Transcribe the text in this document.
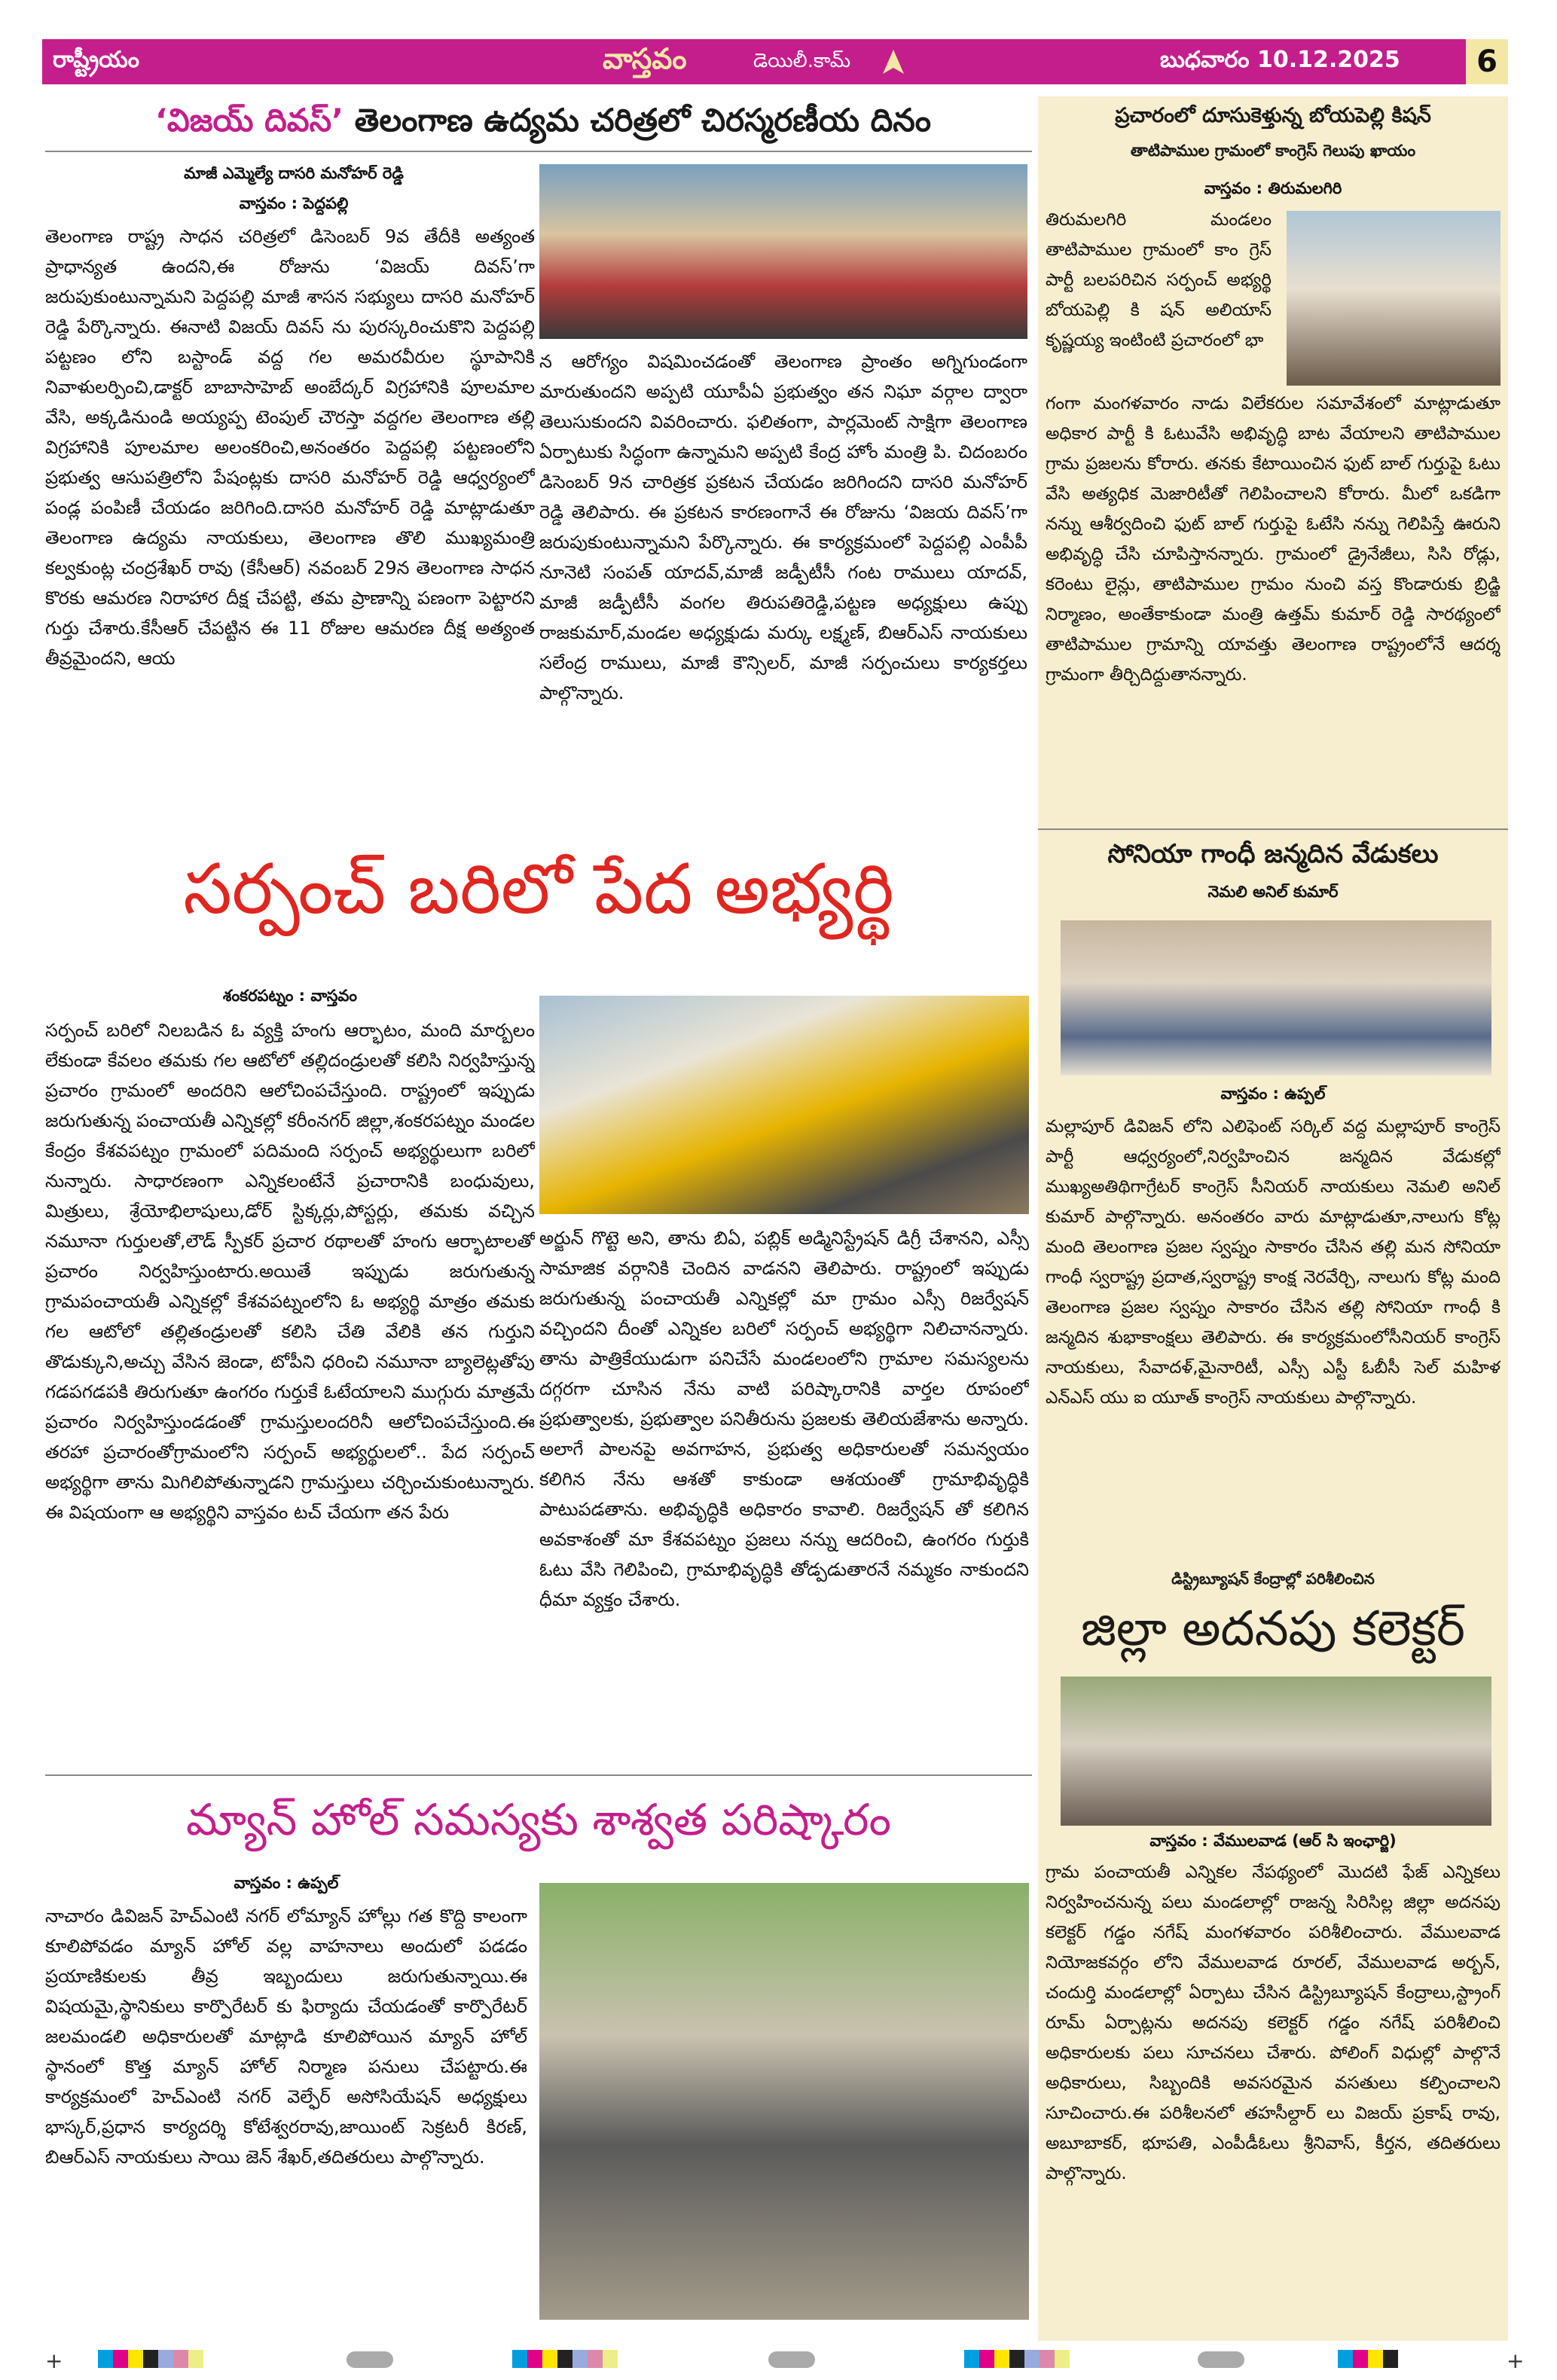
రాష్ట్రీయం	వాస్తవం	డెయిలీ.కామ్	బుధవారం 10.12.2025	6
‘విజయ్ దివస్’ తెలంగాణ ఉద్యమ చరిత్రలో చిరస్మరణీయ దినం
మాజీ ఎమ్మెల్యే దాసరి మనోహర్ రెడ్డి
వాస్తవం : పెద్దపల్లి
తెలంగాణ రాష్ట్ర సాధన చరిత్రలో డిసెంబర్ 9వ తేదీకి అత్యంత ప్రాధాన్యత ఉందని,ఈ రోజును ‘విజయ్ దివస్’గా జరుపుకుంటున్నామని పెద్దపల్లి మాజీ శాసన సభ్యులు దాసరి మనోహర్ రెడ్డి పేర్కొన్నారు. ఈనాటి విజయ్ దివస్ ను పురస్కరించుకొని పెద్దపల్లి పట్టణం లోని బస్టాండ్ వద్ద గల అమరవీరుల స్థూపానికి నివాళులర్పించి,డాక్టర్ బాబాసాహెబ్ అంబేద్కర్ విగ్రహానికి పూలమాల వేసి, అక్కడినుండి అయ్యప్ప టెంపుల్ చౌరస్తా వద్దగల తెలంగాణ తల్లి విగ్రహానికి పూలమాల అలంకరించి,అనంతరం పెద్దపల్లి పట్టణంలోని ప్రభుత్వ ఆసుపత్రిలోని పేషంట్లకు దాసరి మనోహర్ రెడ్డి ఆధ్వర్యంలో పండ్ల పంపిణీ చేయడం జరిగింది.దాసరి మనోహర్ రెడ్డి మాట్లాడుతూ తెలంగాణ ఉద్యమ నాయకులు, తెలంగాణ తొలి ముఖ్యమంత్రి కల్వకుంట్ల చంద్రశేఖర్ రావు (కేసీఆర్) నవంబర్ 29న తెలంగాణ సాధన కొరకు ఆమరణ నిరాహార దీక్ష చేపట్టి, తమ ప్రాణాన్ని పణంగా పెట్టారని గుర్తు చేశారు.కేసీఆర్ చేపట్టిన ఈ 11 రోజుల ఆమరణ దీక్ష అత్యంత తీవ్రమైందని, ఆయ
న ఆరోగ్యం విషమించడంతో తెలంగాణ ప్రాంతం అగ్నిగుండంగా మారుతుందని అప్పటి యూపీఏ ప్రభుత్వం తన నిఘా వర్గాల ద్వారా తెలుసుకుందని వివరించారు. ఫలితంగా, పార్లమెంట్ సాక్షిగా తెలంగాణ ఏర్పాటుకు సిద్ధంగా ఉన్నామని అప్పటి కేంద్ర హోం మంత్రి పి. చిదంబరం డిసెంబర్ 9న చారిత్రక ప్రకటన చేయడం జరిగిందని దాసరి మనోహర్ రెడ్డి తెలిపారు. ఈ ప్రకటన కారణంగానే ఈ రోజును ‘విజయ దివస్’గా జరుపుకుంటున్నామని పేర్కొన్నారు. ఈ కార్యక్రమంలో పెద్దపల్లి ఎంపీపీ నూనెటి సంపత్ యాదవ్,మాజీ జడ్పీటీసీ గంట రాములు యాదవ్, మాజీ జడ్పీటీసీ వంగల తిరుపతిరెడ్డి,పట్టణ అధ్యక్షులు ఉప్పు రాజకుమార్,మండల అధ్యక్షుడు మర్కు లక్ష్మణ్, బిఆర్ఎస్ నాయకులు సలేంద్ర రాములు, మాజీ కౌన్సిలర్, మాజీ సర్పంచులు కార్యకర్తలు పాల్గొన్నారు.
సర్పంచ్ బరిలో పేద అభ్యర్థి
శంకరపట్నం : వాస్తవం
సర్పంచ్ బరిలో నిలబడిన ఓ వ్యక్తి హంగు ఆర్భాటం, మంది మార్బలం లేకుండా కేవలం తమకు గల ఆటోలో తల్లిదండ్రులతో కలిసి నిర్వహిస్తున్న ప్రచారం గ్రామంలో అందరిని ఆలోచింపచేస్తుంది. రాష్ట్రంలో ఇప్పుడు జరుగుతున్న పంచాయతీ ఎన్నికల్లో కరీంనగర్ జిల్లా,శంకరపట్నం మండల కేంద్రం కేశవపట్నం గ్రామంలో పదిమంది సర్పంచ్ అభ్యర్థులుగా బరిలో నున్నారు. సాధారణంగా ఎన్నికలంటేనే ప్రచారానికి బంధువులు, మిత్రులు, శ్రేయోభిలాషులు,డోర్ స్టిక్కర్లు,పోస్టర్లు, తమకు వచ్చిన నమూనా గుర్తులతో,లౌడ్ స్పీకర్ ప్రచార రథాలతో హంగు ఆర్భాటాలతో ప్రచారం నిర్వహిస్తుంటారు.అయితే ఇప్పుడు జరుగుతున్న గ్రామపంచాయతీ ఎన్నికల్లో కేశవపట్నంలోని ఓ అభ్యర్థి మాత్రం తమకు గల ఆటోలో తల్లితండ్రులతో కలిసి చేతి వేలికి తన గుర్తుని తొడుక్కుని,అచ్చు వేసిన జెండా, టోపీని ధరించి నమూనా బ్యాలెట్లతోపు గడపగడపకి తిరుగుతూ ఉంగరం గుర్తుకే ఓటేయాలని ముగ్గురు మాత్రమే ప్రచారం నిర్వహిస్తుండడంతో గ్రామస్తులందరినీ ఆలోచింపచేస్తుంది.ఈ తరహా ప్రచారంతోగ్రామంలోని సర్పంచ్ అభ్యర్థులలో.. పేద సర్పంచ్ అభ్యర్థిగా తాను మిగిలిపోతున్నాడని గ్రామస్తులు చర్చించుకుంటున్నారు. ఈ విషయంగా ఆ అభ్యర్థిని వాస్తవం టచ్ చేయగా తన పేరు
అర్జున్ గొట్టె అని, తాను బిఏ, పబ్లిక్ అడ్మినిస్ట్రేషన్ డిగ్రీ చేశానని, ఎస్సీ సామాజిక వర్గానికి చెందిన వాడనని తెలిపారు. రాష్ట్రంలో ఇప్పుడు జరుగుతున్న పంచాయతీ ఎన్నికల్లో మా గ్రామం ఎస్సీ రిజర్వేషన్ వచ్చిందని దీంతో ఎన్నికల బరిలో సర్పంచ్ అభ్యర్థిగా నిలిచానన్నారు. తాను పాత్రికేయుడుగా పనిచేసే మండలంలోని గ్రామాల సమస్యలను దగ్గరగా చూసిన నేను వాటి పరిష్కారానికి వార్తల రూపంలో ప్రభుత్వాలకు, ప్రభుత్వాల పనితీరును ప్రజలకు తెలియజేశాను అన్నారు. అలాగే పాలనపై అవగాహన, ప్రభుత్వ అధికారులతో సమన్వయం కలిగిన నేను ఆశతో కాకుండా ఆశయంతో గ్రామాభివృద్ధికి పాటుపడతాను. అభివృద్ధికి అధికారం కావాలి. రిజర్వేషన్ తో కలిగిన అవకాశంతో మా కేశవపట్నం ప్రజలు నన్ను ఆదరించి, ఉంగరం గుర్తుకి ఓటు వేసి గెలిపించి, గ్రామాభివృద్ధికి తోడ్పడుతారనే నమ్మకం నాకుందని ధీమా వ్యక్తం చేశారు.
మ్యాన్ హోల్ సమస్యకు శాశ్వత పరిష్కారం
వాస్తవం : ఉప్పల్
నాచారం డివిజన్ హెచ్ఎంటి నగర్ లోమ్యాన్ హోల్లు గత కొద్ది కాలంగా కూలిపోవడం మ్యాన్ హోల్ వల్ల వాహనాలు అందులో పడడం ప్రయాణికులకు తీవ్ర ఇబ్బందులు జరుగుతున్నాయి.ఈ విషయమై,స్థానికులు కార్పొరేటర్ కు ఫిర్యాదు చేయడంతో కార్పొరేటర్ జలమండలి అధికారులతో మాట్లాడి కూలిపోయిన మ్యాన్ హోల్ స్థానంలో కొత్త మ్యాన్ హోల్ నిర్మాణ పనులు చేపట్టారు.ఈ కార్యక్రమంలో హెచ్ఎంటి నగర్ వెల్ఫేర్ అసోసియేషన్ అధ్యక్షులు భాస్కర్,ప్రధాన కార్యదర్శి కోటేశ్వరరావు,జాయింట్ సెక్రటరీ కిరణ్, బిఆర్ఎస్ నాయకులు సాయి జెన్ శేఖర్,తదితరులు పాల్గొన్నారు.
ప్రచారంలో దూసుకెళ్తున్న బోయపెల్లి కిషన్
తాటిపాముల గ్రామంలో కాంగ్రెస్ గెలుపు ఖాయం
వాస్తవం : తిరుమలగిరి
తిరుమలగిరి మండలం తాటిపాముల గ్రామంలో కాం గ్రెస్ పార్టీ బలపరిచిన సర్పంచ్ అభ్యర్థి బోయపెల్లి కి షన్ అలియాస్ కృష్ణయ్య ఇంటింటి ప్రచారంలో భా
గంగా మంగళవారం నాడు విలేకరుల సమావేశంలో మాట్లాడుతూ అధికార పార్టీ కి ఓటువేసి అభివృద్ధి బాట వేయాలని తాటిపాముల గ్రామ ప్రజలను కోరారు. తనకు కేటాయించిన ఫుట్ బాల్ గుర్తుపై ఓటు వేసి అత్యధిక మెజారిటీతో గెలిపించాలని కోరారు. మీలో ఒకడిగా నన్ను ఆశీర్వదించి ఫుట్ బాల్ గుర్తుపై ఓటేసి నన్ను గెలిపిస్తే ఊరుని అభివృద్ధి చేసి చూపిస్తానన్నారు. గ్రామంలో డ్రైనేజీలు, సిసి రోడ్లు, కరెంటు లైన్లు, తాటిపాముల గ్రామం నుంచి వస్త కొండారుకు బ్రిడ్జి నిర్మాణం, అంతేకాకుండా మంత్రి ఉత్తమ్ కుమార్ రెడ్డి సారథ్యంలో తాటిపాముల గ్రామాన్ని యావత్తు తెలంగాణ రాష్ట్రంలోనే ఆదర్శ గ్రామంగా తీర్చిదిద్దుతానన్నారు.
సోనియా గాంధీ జన్మదిన వేడుకలు
నెమలి అనిల్ కుమార్
వాస్తవం : ఉప్పల్
మల్లాపూర్ డివిజన్ లోని ఎలిఫెంట్ సర్కిల్ వద్ద మల్లాపూర్ కాంగ్రెస్ పార్టీ ఆధ్వర్యంలో,నిర్వహించిన జన్మదిన వేడుకల్లో ముఖ్యఅతిథిగాగ్రేటర్ కాంగ్రెస్ సీనియర్ నాయకులు నెమలి అనిల్ కుమార్ పాల్గొన్నారు. అనంతరం వారు మాట్లాడుతూ,నాలుగు కోట్ల మంది తెలంగాణ ప్రజల స్వప్నం సాకారం చేసిన తల్లి మన సోనియా గాంధీ స్వరాష్ట్ర ప్రదాత,స్వరాష్ట్ర కాంక్ష నెరవేర్చి, నాలుగు కోట్ల మంది తెలంగాణ ప్రజల స్వప్నం సాకారం చేసిన తల్లి సోనియా గాంధీ కి జన్మదిన శుభాకాంక్షలు తెలిపారు. ఈ కార్యక్రమంలోసీనియర్ కాంగ్రెస్ నాయకులు, సేవాదళ్,మైనారిటీ, ఎస్సీ ఎస్టీ ఓబీసీ సెల్ మహిళ ఎన్ఎస్ యు ఐ యూత్ కాంగ్రెస్ నాయకులు పాల్గొన్నారు.
డిస్ట్రిబ్యూషన్ కేంద్రాల్లో పరిశీలించిన
జిల్లా అదనపు కలెక్టర్
వాస్తవం : వేములవాడ (ఆర్ సి ఇంఛార్జి)
గ్రామ పంచాయతీ ఎన్నికల నేపథ్యంలో మొదటి ఫేజ్ ఎన్నికలు నిర్వహించనున్న పలు మండలాల్లో రాజన్న సిరిసిల్ల జిల్లా అదనపు కలెక్టర్ గడ్డం నగేష్ మంగళవారం పరిశీలించారు. వేములవాడ నియోజకవర్గం లోని వేములవాడ రూరల్, వేములవాడ అర్బన్, చందుర్తి మండలాల్లో ఏర్పాటు చేసిన డిస్ట్రిబ్యూషన్ కేంద్రాలు,స్ట్రాంగ్ రూమ్ ఏర్పాట్లను అదనపు కలెక్టర్ గడ్డం నగేష్ పరిశీలించి అధికారులకు పలు సూచనలు చేశారు. పోలింగ్ విధుల్లో పాల్గొనే అధికారులు, సిబ్బందికి అవసరమైన వసతులు కల్పించాలని సూచించారు.ఈ పరిశీలనలో తహసీల్దార్ లు విజయ్ ప్రకాష్ రావు, అబూబాకర్, భూపతి, ఎంపీడీఓలు శ్రీనివాస్, కీర్తన, తదితరులు పాల్గొన్నారు.
+	+
